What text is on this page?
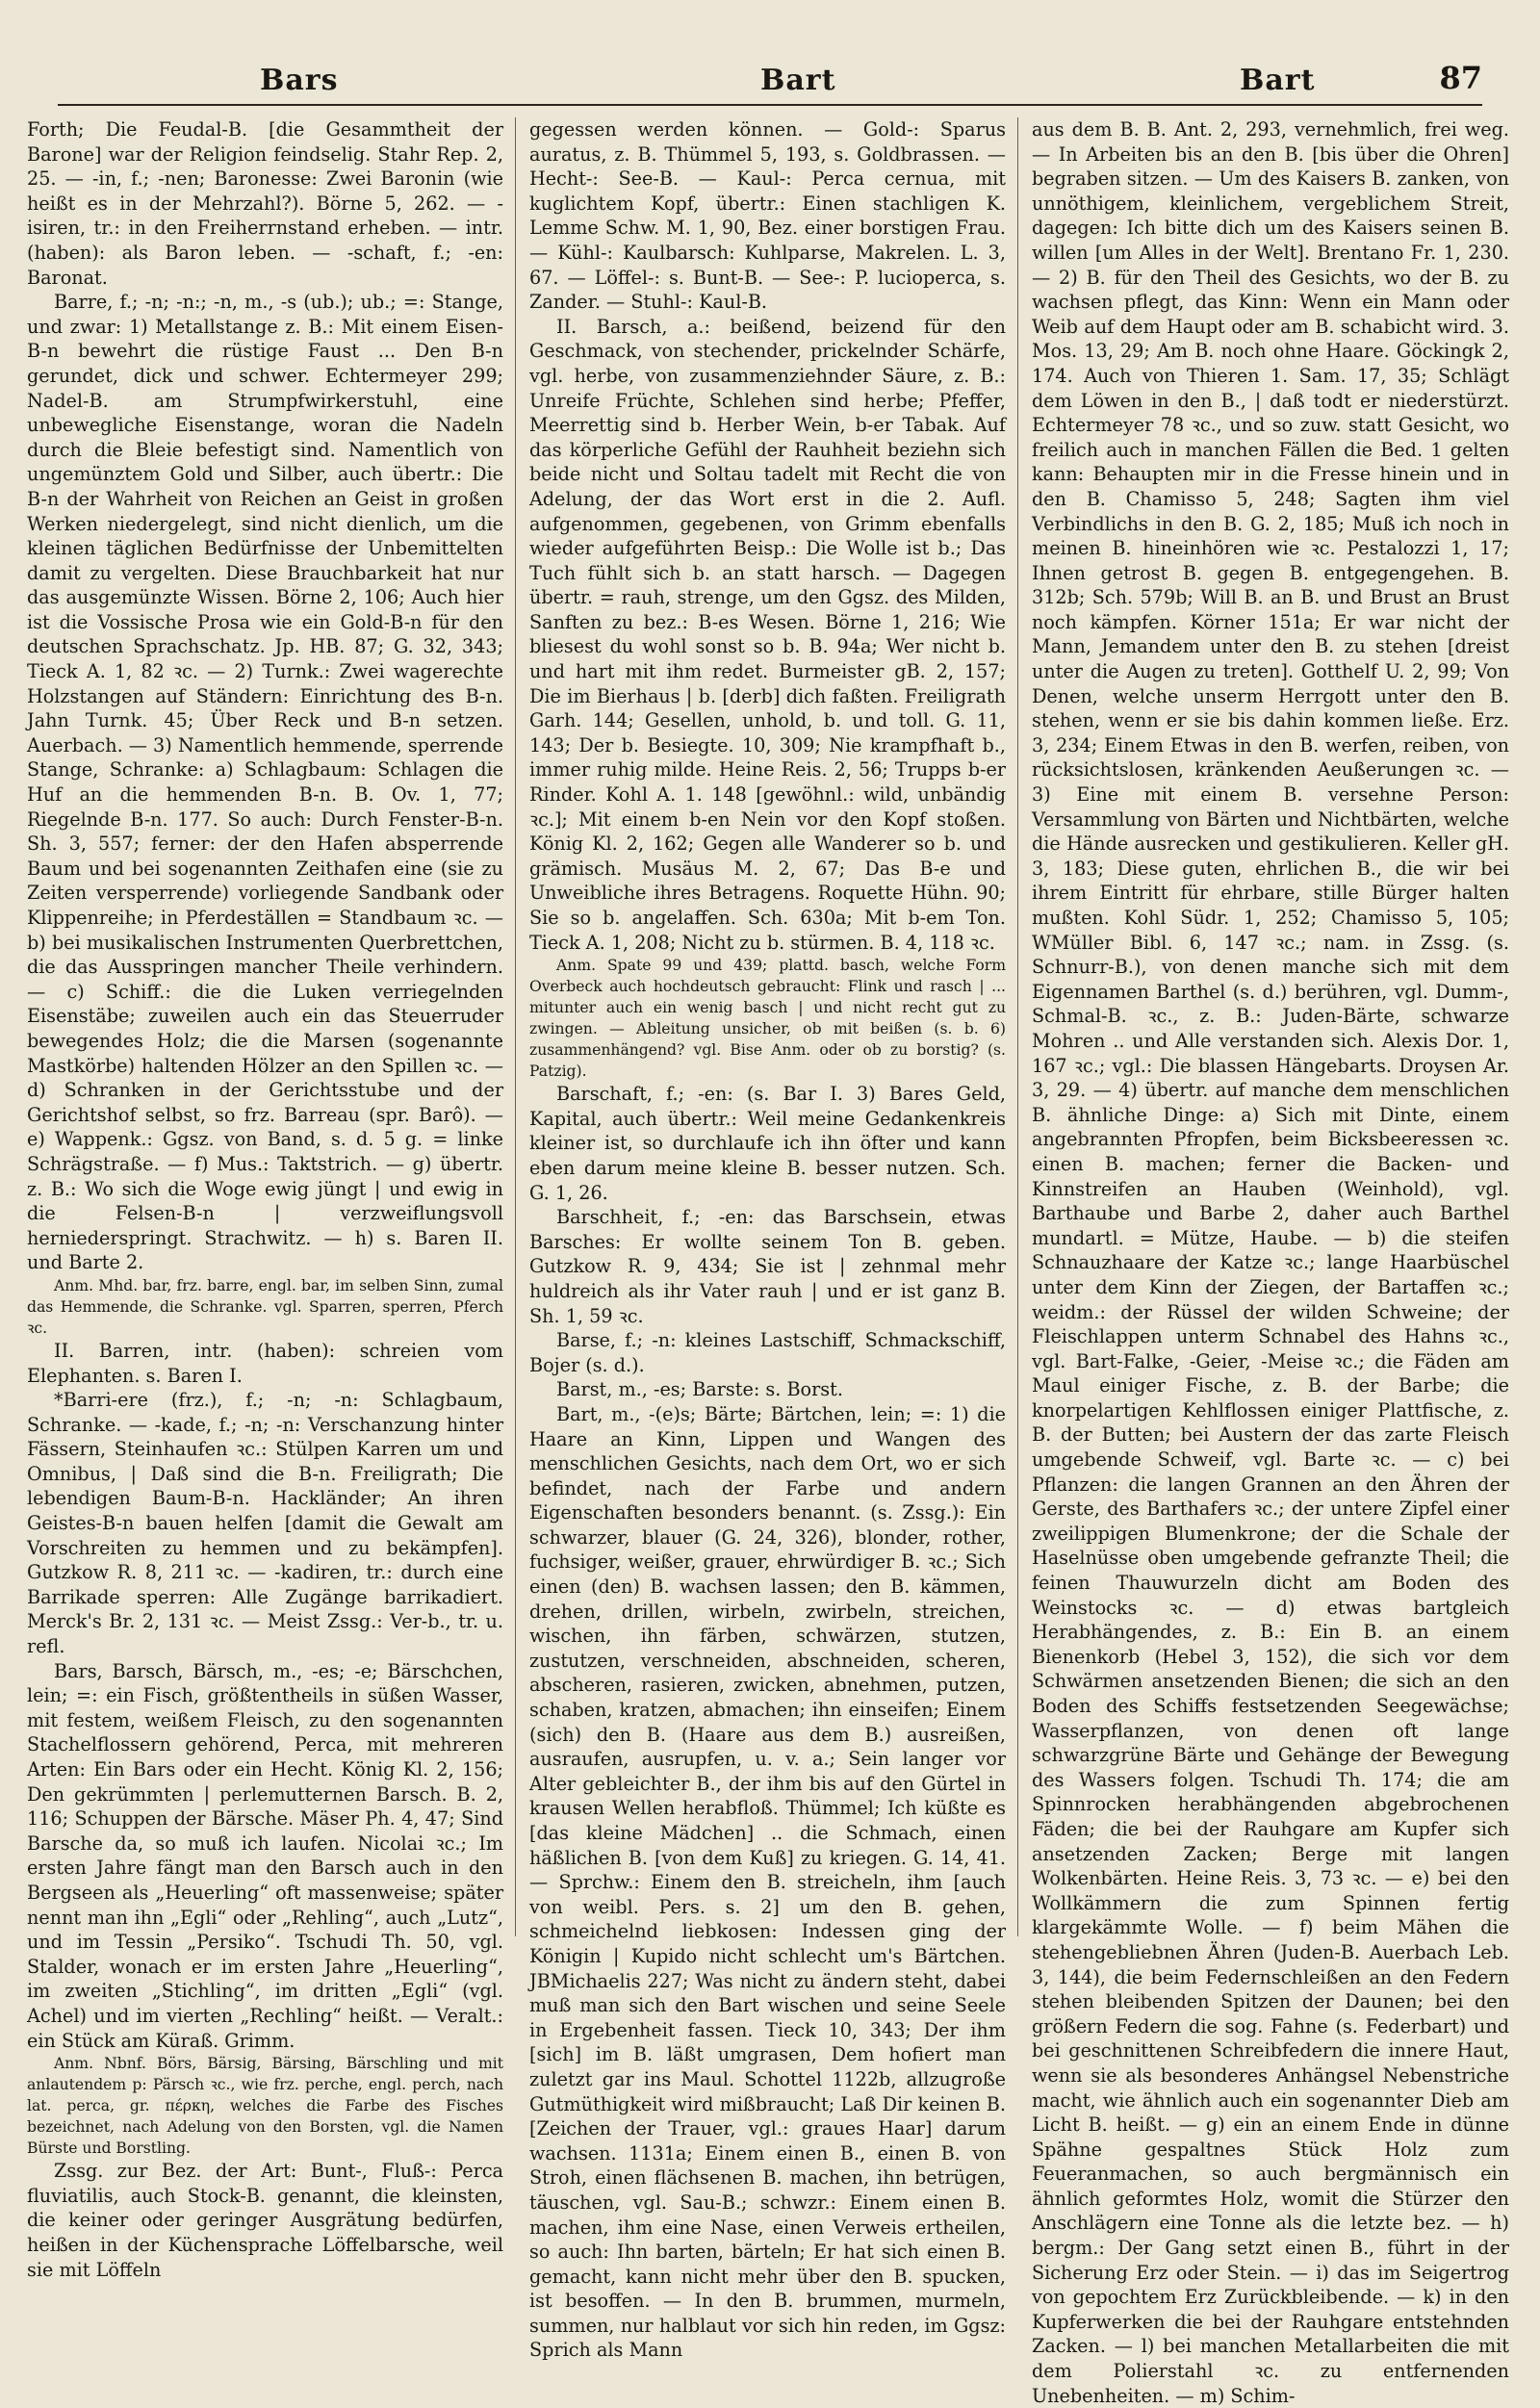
Bars	Bart	Bart	87

Forth; Die Feudal-B. [die Gesammtheit der Barone] war der Religion feindselig. Stahr Rep. 2, 25. — -in, f.; -nen; Baronesse: Zwei Baronin (wie heißt es in der Mehrzahl?). Börne 5, 262. — -isiren, tr.: in den Freiherrnstand erheben. — intr. (haben): als Baron leben. — -schaft, f.; -en: Baronat.

Barre, f.; -n; -n:; -n, m., -s (ub.); ub.; =: Stange, und zwar: 1) Metallstange z. B.: Mit einem Eisen-B-n bewehrt die rüstige Faust ... Den B-n gerundet, dick und schwer. Echtermeyer 299; Nadel-B. am Strumpfwirkerstuhl, eine unbewegliche Eisenstange, woran die Nadeln durch die Bleie befestigt sind. Namentlich von ungemünztem Gold und Silber, auch übertr.: Die B-n der Wahrheit von Reichen an Geist in großen Werken niedergelegt, sind nicht dienlich, um die kleinen täglichen Bedürfnisse der Unbemittelten damit zu vergelten. Diese Brauchbarkeit hat nur das ausgemünzte Wissen. Börne 2, 106; Auch hier ist die Vossische Prosa wie ein Gold-B-n für den deutschen Sprachschatz. Jp. HB. 87; G. 32, 343; Tieck A. 1, 82 ꝛc. — 2) Turnk.: Zwei wagerechte Holzstangen auf Ständern: Einrichtung des B-n. Jahn Turnk. 45; Über Reck und B-n setzen. Auerbach. — 3) Namentlich hemmende, sperrende Stange, Schranke: a) Schlagbaum: Schlagen die Huf an die hemmenden B-n. B. Ov. 1, 77; Riegelnde B-n. 177. So auch: Durch Fenster-B-n. Sh. 3, 557; ferner: der den Hafen absperrende Baum und bei sogenannten Zeithafen eine (sie zu Zeiten versperrende) vorliegende Sandbank oder Klippenreihe; in Pferdeställen = Standbaum ꝛc. — b) bei musikalischen Instrumenten Querbrettchen, die das Ausspringen mancher Theile verhindern. — c) Schiff.: die die Luken verriegelnden Eisenstäbe; zuweilen auch ein das Steuerruder bewegendes Holz; die die Marsen (sogenannte Mastkörbe) haltenden Hölzer an den Spillen ꝛc. — d) Schranken in der Gerichtsstube und der Gerichtshof selbst, so frz. Barreau (spr. Barô). — e) Wappenk.: Ggsz. von Band, s. d. 5 g. = linke Schrägstraße. — f) Mus.: Taktstrich. — g) übertr. z. B.: Wo sich die Woge ewig jüngt | und ewig in die Felsen-B-n | verzweiflungsvoll herniederspringt. Strachwitz. — h) s. Baren II. und Barte 2.

Anm. Mhd. bar, frz. barre, engl. bar, im selben Sinn, zumal das Hemmende, die Schranke. vgl. Sparren, sperren, Pferch ꝛc.

II. Barren, intr. (haben): schreien vom Elephanten. s. Baren I.

*Barri-ere (frz.), f.; -n; -n: Schlagbaum, Schranke. — -kade, f.; -n; -n: Verschanzung hinter Fässern, Steinhaufen ꝛc.: Stülpen Karren um und Omnibus, | Daß sind die B-n. Freiligrath; Die lebendigen Baum-B-n. Hackländer; An ihren Geistes-B-n bauen helfen [damit die Gewalt am Vorschreiten zu hemmen und zu bekämpfen]. Gutzkow R. 8, 211 ꝛc. — -kadiren, tr.: durch eine Barrikade sperren: Alle Zugänge barrikadiert. Merck's Br. 2, 131 ꝛc. — Meist Zssg.: Ver-b., tr. u. refl.

Bars, Barsch, Bärsch, m., -es; -e; Bärschchen, lein; =: ein Fisch, größtentheils in süßen Wasser, mit festem, weißem Fleisch, zu den sogenannten Stachelflossern gehörend, Perca, mit mehreren Arten: Ein Bars oder ein Hecht. König Kl. 2, 156; Den gekrümmten | perlemutternen Barsch. B. 2, 116; Schuppen der Bärsche. Mäser Ph. 4, 47; Sind Barsche da, so muß ich laufen. Nicolai ꝛc.; Im ersten Jahre fängt man den Barsch auch in den Bergseen als „Heuerling“ oft massenweise; später nennt man ihn „Egli“ oder „Rehling“, auch „Lutz“, und im Tessin „Persiko“. Tschudi Th. 50, vgl. Stalder, wonach er im ersten Jahre „Heuerling“, im zweiten „Stichling“, im dritten „Egli“ (vgl. Achel) und im vierten „Rechling“ heißt. — Veralt.: ein Stück am Küraß. Grimm.

Anm. Nbnf. Börs, Bärsig, Bärsing, Bärschling und mit anlautendem p: Pärsch ꝛc., wie frz. perche, engl. perch, nach lat. perca, gr. πέρκη, welches die Farbe des Fisches bezeichnet, nach Adelung von den Borsten, vgl. die Namen Bürste und Borstling.

Zssg. zur Bez. der Art: Bunt-, Fluß-: Perca fluviatilis, auch Stock-B. genannt, die kleinsten, die keiner oder geringer Ausgrätung bedürfen, heißen in der Küchensprache Löffelbarsche, weil sie mit Löffeln

gegessen werden können. — Gold-: Sparus auratus, z. B. Thümmel 5, 193, s. Goldbrassen. — Hecht-: See-B. — Kaul-: Perca cernua, mit kuglichtem Kopf, übertr.: Einen stachligen K. Lemme Schw. M. 1, 90, Bez. einer borstigen Frau. — Kühl-: Kaulbarsch: Kuhlparse, Makrelen. L. 3, 67. — Löffel-: s. Bunt-B. — See-: P. lucioperca, s. Zander. — Stuhl-: Kaul-B.

II. Barsch, a.: beißend, beizend für den Geschmack, von stechender, prickelnder Schärfe, vgl. herbe, von zusammenziehnder Säure, z. B.: Unreife Früchte, Schlehen sind herbe; Pfeffer, Meerrettig sind b. Herber Wein, b-er Tabak. Auf das körperliche Gefühl der Rauhheit beziehn sich beide nicht und Soltau tadelt mit Recht die von Adelung, der das Wort erst in die 2. Aufl. aufgenommen, gegebenen, von Grimm ebenfalls wieder aufgeführten Beisp.: Die Wolle ist b.; Das Tuch fühlt sich b. an statt harsch. — Dagegen übertr. = rauh, strenge, um den Ggsz. des Milden, Sanften zu bez.: B-es Wesen. Börne 1, 216; Wie bliesest du wohl sonst so b. B. 94a; Wer nicht b. und hart mit ihm redet. Burmeister gB. 2, 157; Die im Bierhaus | b. [derb] dich faßten. Freiligrath Garh. 144; Gesellen, unhold, b. und toll. G. 11, 143; Der b. Besiegte. 10, 309; Nie krampfhaft b., immer ruhig milde. Heine Reis. 2, 56; Trupps b-er Rinder. Kohl A. 1. 148 [gewöhnl.: wild, unbändig ꝛc.]; Mit einem b-en Nein vor den Kopf stoßen. König Kl. 2, 162; Gegen alle Wanderer so b. und grämisch. Musäus M. 2, 67; Das B-e und Unweibliche ihres Betragens. Roquette Hühn. 90; Sie so b. angelaffen. Sch. 630a; Mit b-em Ton. Tieck A. 1, 208; Nicht zu b. stürmen. B. 4, 118 ꝛc.

Anm. Spate 99 und 439; plattd. basch, welche Form Overbeck auch hochdeutsch gebraucht: Flink und rasch | ... mitunter auch ein wenig basch | und nicht recht gut zu zwingen. — Ableitung unsicher, ob mit beißen (s. b. 6) zusammenhängend? vgl. Bise Anm. oder ob zu borstig? (s. Patzig).

Barschaft, f.; -en: (s. Bar I. 3) Bares Geld, Kapital, auch übertr.: Weil meine Gedankenkreis kleiner ist, so durchlaufe ich ihn öfter und kann eben darum meine kleine B. besser nutzen. Sch. G. 1, 26.

Barschheit, f.; -en: das Barschsein, etwas Barsches: Er wollte seinem Ton B. geben. Gutzkow R. 9, 434; Sie ist | zehnmal mehr huldreich als ihr Vater rauh | und er ist ganz B. Sh. 1, 59 ꝛc.

Barse, f.; -n: kleines Lastschiff, Schmackschiff, Bojer (s. d.).

Barst, m., -es; Barste: s. Borst.

Bart, m., -(e)s; Bärte; Bärtchen, lein; =: 1) die Haare an Kinn, Lippen und Wangen des menschlichen Gesichts, nach dem Ort, wo er sich befindet, nach der Farbe und andern Eigenschaften besonders benannt. (s. Zssg.): Ein schwarzer, blauer (G. 24, 326), blonder, rother, fuchsiger, weißer, grauer, ehrwürdiger B. ꝛc.; Sich einen (den) B. wachsen lassen; den B. kämmen, drehen, drillen, wirbeln, zwirbeln, streichen, wischen, ihn färben, schwärzen, stutzen, zustutzen, verschneiden, abschneiden, scheren, abscheren, rasieren, zwicken, abnehmen, putzen, schaben, kratzen, abmachen; ihn einseifen; Einem (sich) den B. (Haare aus dem B.) ausreißen, ausraufen, ausrupfen, u. v. a.; Sein langer vor Alter gebleichter B., der ihm bis auf den Gürtel in krausen Wellen herabfloß. Thümmel; Ich küßte es [das kleine Mädchen] .. die Schmach, einen häßlichen B. [von dem Kuß] zu kriegen. G. 14, 41. — Sprchw.: Einem den B. streicheln, ihm [auch von weibl. Pers. s. 2] um den B. gehen, schmeichelnd liebkosen: Indessen ging der Königin | Kupido nicht schlecht um's Bärtchen. JBMichaelis 227; Was nicht zu ändern steht, dabei muß man sich den Bart wischen und seine Seele in Ergebenheit fassen. Tieck 10, 343; Der ihm [sich] im B. läßt umgrasen, Dem hofiert man zuletzt gar ins Maul. Schottel 1122b, allzugroße Gutmüthigkeit wird mißbraucht; Laß Dir keinen B. [Zeichen der Trauer, vgl.: graues Haar] darum wachsen. 1131a; Einem einen B., einen B. von Stroh, einen flächsenen B. machen, ihn betrügen, täuschen, vgl. Sau-B.; schwzr.: Einem einen B. machen, ihm eine Nase, einen Verweis ertheilen, so auch: Ihn barten, bärteln; Er hat sich einen B. gemacht, kann nicht mehr über den B. spucken, ist besoffen. — In den B. brummen, murmeln, summen, nur halblaut vor sich hin reden, im Ggsz: Sprich als Mann

aus dem B. B. Ant. 2, 293, vernehmlich, frei weg. — In Arbeiten bis an den B. [bis über die Ohren] begraben sitzen. — Um des Kaisers B. zanken, von unnöthigem, kleinlichem, vergeblichem Streit, dagegen: Ich bitte dich um des Kaisers seinen B. willen [um Alles in der Welt]. Brentano Fr. 1, 230. — 2) B. für den Theil des Gesichts, wo der B. zu wachsen pflegt, das Kinn: Wenn ein Mann oder Weib auf dem Haupt oder am B. schabicht wird. 3. Mos. 13, 29; Am B. noch ohne Haare. Göckingk 2, 174. Auch von Thieren 1. Sam. 17, 35; Schlägt dem Löwen in den B., | daß todt er niederstürzt. Echtermeyer 78 ꝛc., und so zuw. statt Gesicht, wo freilich auch in manchen Fällen die Bed. 1 gelten kann: Behaupten mir in die Fresse hinein und in den B. Chamisso 5, 248; Sagten ihm viel Verbindlichs in den B. G. 2, 185; Muß ich noch in meinen B. hineinhören wie ꝛc. Pestalozzi 1, 17; Ihnen getrost B. gegen B. entgegengehen. B. 312b; Sch. 579b; Will B. an B. und Brust an Brust noch kämpfen. Körner 151a; Er war nicht der Mann, Jemandem unter den B. zu stehen [dreist unter die Augen zu treten]. Gotthelf U. 2, 99; Von Denen, welche unserm Herrgott unter den B. stehen, wenn er sie bis dahin kommen ließe. Erz. 3, 234; Einem Etwas in den B. werfen, reiben, von rücksichtslosen, kränkenden Aeußerungen ꝛc. — 3) Eine mit einem B. versehne Person: Versammlung von Bärten und Nichtbärten, welche die Hände ausrecken und gestikulieren. Keller gH. 3, 183; Diese guten, ehrlichen B., die wir bei ihrem Eintritt für ehrbare, stille Bürger halten mußten. Kohl Südr. 1, 252; Chamisso 5, 105; WMüller Bibl. 6, 147 ꝛc.; nam. in Zssg. (s. Schnurr-B.), von denen manche sich mit dem Eigennamen Barthel (s. d.) berühren, vgl. Dumm-, Schmal-B. ꝛc., z. B.: Juden-Bärte, schwarze Mohren .. und Alle verstanden sich. Alexis Dor. 1, 167 ꝛc.; vgl.: Die blassen Hängebarts. Droysen Ar. 3, 29. — 4) übertr. auf manche dem menschlichen B. ähnliche Dinge: a) Sich mit Dinte, einem angebrannten Pfropfen, beim Bicksbeeressen ꝛc. einen B. machen; ferner die Backen- und Kinnstreifen an Hauben (Weinhold), vgl. Barthaube und Barbe 2, daher auch Barthel mundartl. = Mütze, Haube. — b) die steifen Schnauzhaare der Katze ꝛc.; lange Haarbüschel unter dem Kinn der Ziegen, der Bartaffen ꝛc.; weidm.: der Rüssel der wilden Schweine; der Fleischlappen unterm Schnabel des Hahns ꝛc., vgl. Bart-Falke, -Geier, -Meise ꝛc.; die Fäden am Maul einiger Fische, z. B. der Barbe; die knorpelartigen Kehlflossen einiger Plattfische, z. B. der Butten; bei Austern der das zarte Fleisch umgebende Schweif, vgl. Barte ꝛc. — c) bei Pflanzen: die langen Grannen an den Ähren der Gerste, des Barthafers ꝛc.; der untere Zipfel einer zweilippigen Blumenkrone; der die Schale der Haselnüsse oben umgebende gefranzte Theil; die feinen Thauwurzeln dicht am Boden des Weinstocks ꝛc. — d) etwas bartgleich Herabhängendes, z. B.: Ein B. an einem Bienenkorb (Hebel 3, 152), die sich vor dem Schwärmen ansetzenden Bienen; die sich an den Boden des Schiffs festsetzenden Seegewächse; Wasserpflanzen, von denen oft lange schwarzgrüne Bärte und Gehänge der Bewegung des Wassers folgen. Tschudi Th. 174; die am Spinnrocken herabhängenden abgebrochenen Fäden; die bei der Rauhgare am Kupfer sich ansetzenden Zacken; Berge mit langen Wolkenbärten. Heine Reis. 3, 73 ꝛc. — e) bei den Wollkämmern die zum Spinnen fertig klargekämmte Wolle. — f) beim Mähen die stehengebliebnen Ähren (Juden-B. Auerbach Leb. 3, 144), die beim Federnschleißen an den Federn stehen bleibenden Spitzen der Daunen; bei den größern Federn die sog. Fahne (s. Federbart) und bei geschnittenen Schreibfedern die innere Haut, wenn sie als besonderes Anhängsel Nebenstriche macht, wie ähnlich auch ein sogenannter Dieb am Licht B. heißt. — g) ein an einem Ende in dünne Spähne gespaltnes Stück Holz zum Feueranmachen, so auch bergmännisch ein ähnlich geformtes Holz, womit die Stürzer den Anschlägern eine Tonne als die letzte bez. — h) bergm.: Der Gang setzt einen B., führt in der Sicherung Erz oder Stein. — i) das im Seigertrog von gepochtem Erz Zurückbleibende. — k) in den Kupferwerken die bei der Rauhgare entstehnden Zacken. — l) bei manchen Metallarbeiten die mit dem Polierstahl ꝛc. zu entfernenden Unebenheiten. — m) Schim-
